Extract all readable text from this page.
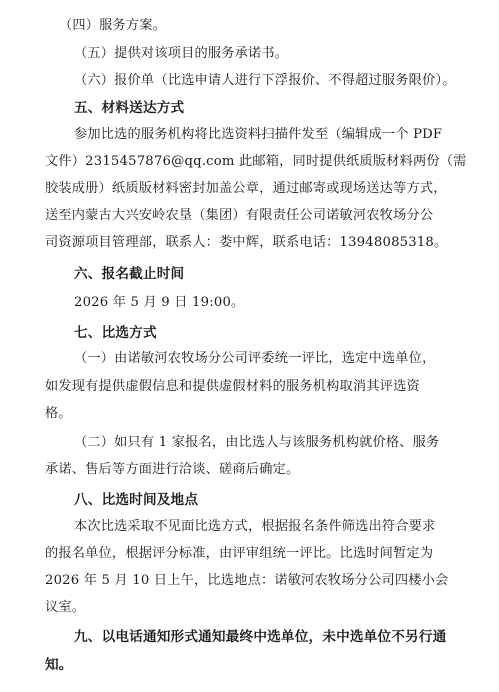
（四）服务方案。
（五）提供对该项目的服务承诺书。
（六）报价单（比选申请人进行下浮报价、不得超过服务限价）。
五、材料送达方式
参加比选的服务机构将比选资料扫描件发至（编辑成一个 PDF
文件）2315457876@qq.com 此邮箱，同时提供纸质版材料两份（需
胶装成册）纸质版材料密封加盖公章，通过邮寄或现场送达等方式，
送至内蒙古大兴安岭农垦（集团）有限责任公司诺敏河农牧场分公
司资源项目管理部，联系人：娄中辉，联系电话：13948085318。
六、报名截止时间
2026 年 5 月 9 日 19:00。
七、比选方式
（一）由诺敏河农牧场分公司评委统一评比，选定中选单位，
如发现有提供虚假信息和提供虚假材料的服务机构取消其评选资
格。
（二）如只有 1 家报名，由比选人与该服务机构就价格、服务
承诺、售后等方面进行洽谈、磋商后确定。
八、比选时间及地点
本次比选采取不见面比选方式，根据报名条件筛选出符合要求
的报名单位，根据评分标准，由评审组统一评比。比选时间暂定为
2026 年 5 月 10 日上午，比选地点：诺敏河农牧场分公司四楼小会
议室。
九、以电话通知形式通知最终中选单位，未中选单位不另行通
知。
